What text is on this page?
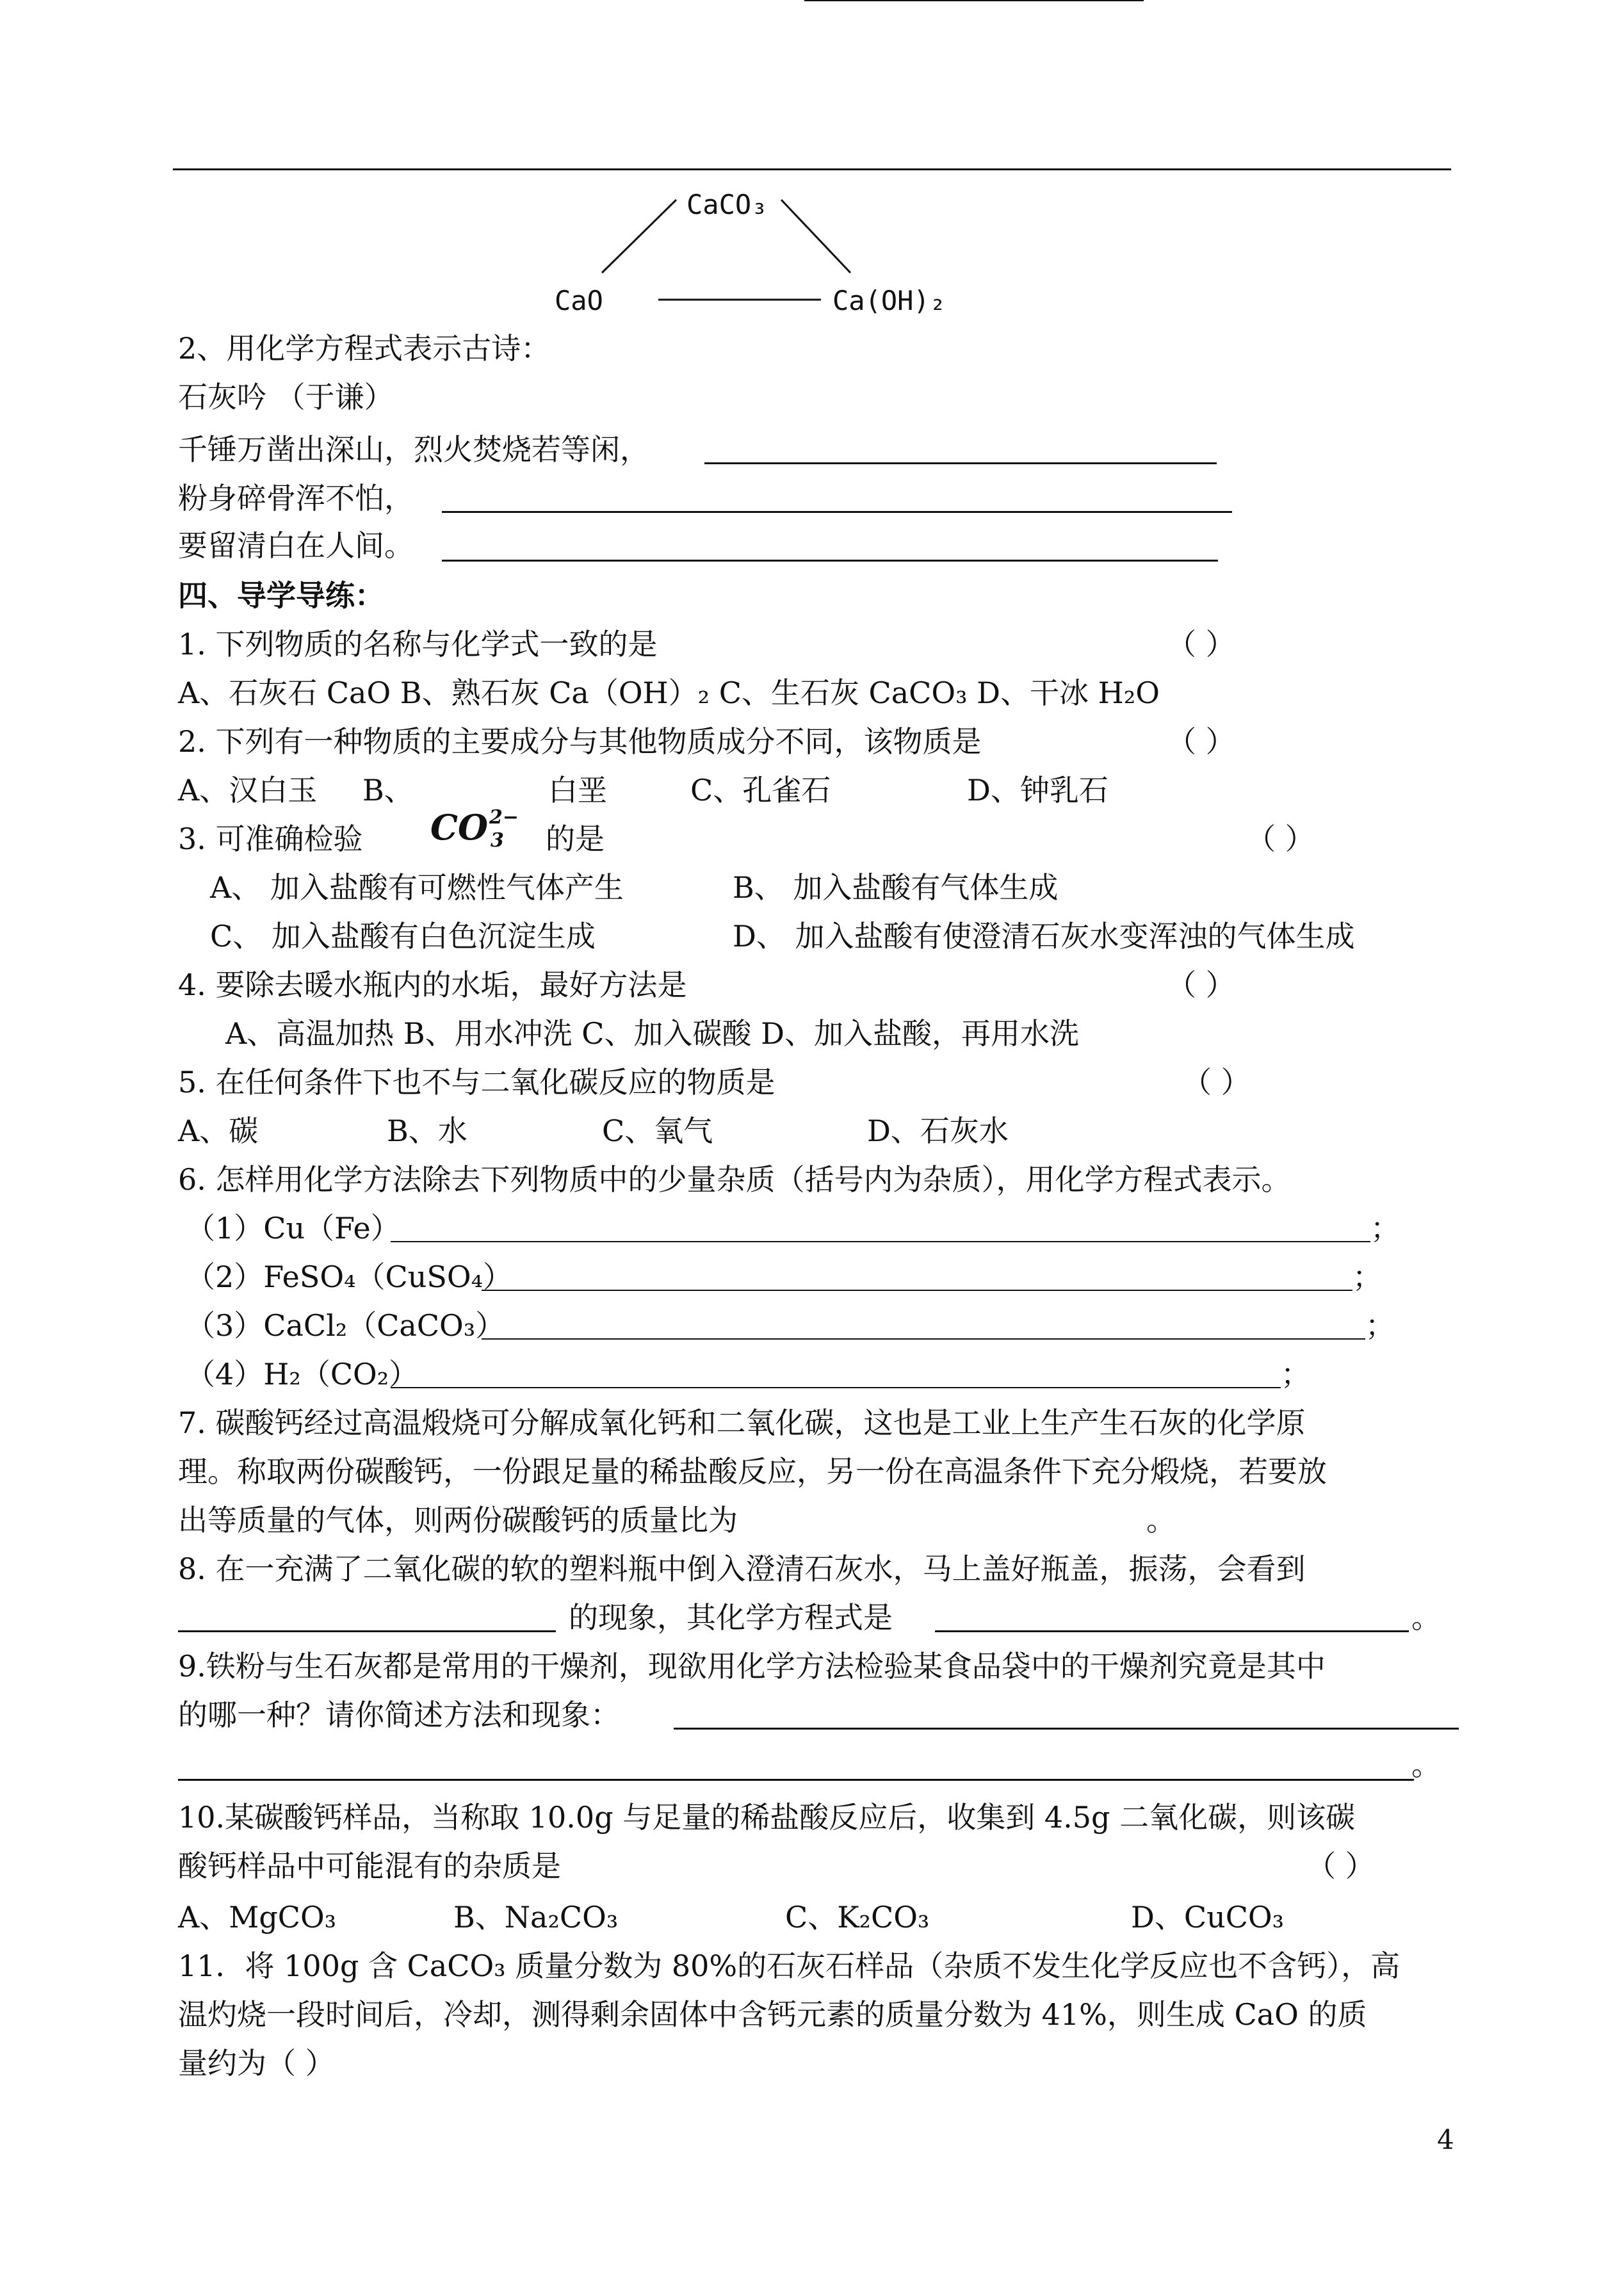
CaCO₃
CaO	Ca(OH)₂
2、用化学方程式表示古诗：
石灰吟 （于谦）
千锤万凿出深山，烈火焚烧若等闲，
粉身碎骨浑不怕，
要留清白在人间。
四、导学导练：
1. 下列物质的名称与化学式一致的是	（ ）
A、石灰石 CaO B、熟石灰 Ca（OH）₂ C、生石灰 CaCO₃ D、干冰 H₂O
2. 下列有一种物质的主要成分与其他物质成分不同，该物质是	（ ）
A、汉白玉 B、	白垩	C、孔雀石	D、钟乳石
3. 可准确检验 CO 2−
3 的是	（ ）
A、 加入盐酸有可燃性气体产生	B、 加入盐酸有气体生成
C、 加入盐酸有白色沉淀生成	D、 加入盐酸有使澄清石灰水变浑浊的气体生成
4. 要除去暖水瓶内的水垢，最好方法是	（ ）
A、高温加热 B、用水冲洗 C、加入碳酸 D、加入盐酸，再用水洗
5. 在任何条件下也不与二氧化碳反应的物质是	（ ）
A、碳	B、水	C、氧气	D、石灰水
6. 怎样用化学方法除去下列物质中的少量杂质（括号内为杂质），用化学方程式表示。
（1）Cu（Fe）	；
（2）FeSO₄（CuSO₄）	；
（3）CaCl₂（CaCO₃）	；
（4）H₂（CO₂）	；
7. 碳酸钙经过高温煅烧可分解成氧化钙和二氧化碳，这也是工业上生产生石灰的化学原
理。称取两份碳酸钙，一份跟足量的稀盐酸反应，另一份在高温条件下充分煅烧，若要放
出等质量的气体，则两份碳酸钙的质量比为	。
8. 在一充满了二氧化碳的软的塑料瓶中倒入澄清石灰水，马上盖好瓶盖，振荡，会看到
的现象，其化学方程式是	。
9.铁粉与生石灰都是常用的干燥剂，现欲用化学方法检验某食品袋中的干燥剂究竟是其中
的哪一种？请你简述方法和现象：
。
10.某碳酸钙样品，当称取 10.0g 与足量的稀盐酸反应后，收集到 4.5g 二氧化碳，则该碳
酸钙样品中可能混有的杂质是	（ ）
A、MgCO₃	B、Na₂CO₃	C、K₂CO₃	D、CuCO₃
11．将 100g 含 CaCO₃ 质量分数为 80%的石灰石样品（杂质不发生化学反应也不含钙），高
温灼烧一段时间后，冷却，测得剩余固体中含钙元素的质量分数为 41%，则生成 CaO 的质
量约为（ ）
4
